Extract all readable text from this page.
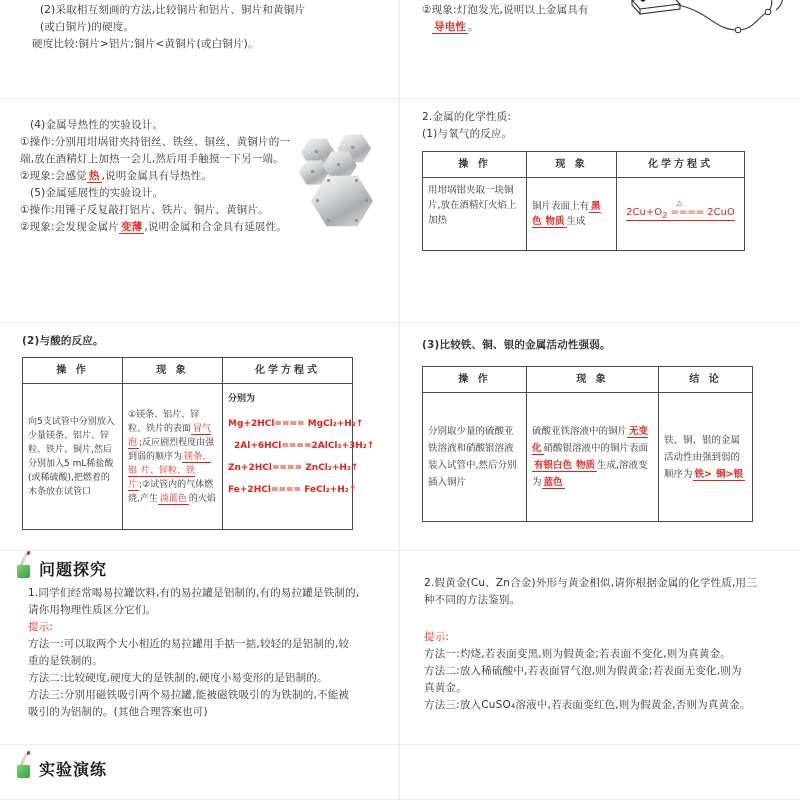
(2)采取相互刻画的方法,比较铜片和铝片、铜片和黄铜片
(或白铜片)的硬度。
硬度比较:铜片>铝片;铜片<黄铜片(或白铜片)。
②现象:灯泡发光,说明以上金属具有
导电性 。
(4)金属导热性的实验设计。
①操作:分别用坩埚钳夹持铝丝、铁丝、铜丝、黄铜片的一
端,放在酒精灯上加热一会儿,然后用手触摸一下另一端。
②现象:会感觉 热 ,说明金属具有导热性。
(5)金属延展性的实验设计。
①操作:用锤子反复敲打铝片、铁片、铜片、黄铜片。
②现象:会发现金属片 变薄 ,说明金属和合金具有延展性。
2.金属的化学性质:
(1)与氧气的反应。
操 作	现 象	化学方程式
用坩埚钳夹取一块铜片,放在酒精灯火焰上加热	铜片表面上有 黑色 物质 生成	$2Cu+O_2$
△
==== 2CuO
(2)与酸的反应。
操 作	现 象	化学方程式
向5支试管中分别放入少量镁条、铝片、锌粒、铁片、铜片,然后分别加入5 mL稀盐酸(或稀硫酸),把燃着的木条放在试管口	①镁条、铝片、锌粒、铁片的表面 冒气泡 ;反应剧烈程度由强到弱的顺序为 镁条、铝 片、锌粒、铁片 ;②试管内的气体燃烧,产生 淡蓝色 的火焰	分别为
Mg+2HCl==== MgCl₂+H₂↑
2Al+6HCl====2AlCl₃+3H₂↑
Zn+2HCl==== ZnCl₂+H₂↑
Fe+2HCl==== FeCl₂+H₂↑
(3)比较铁、铜、银的金属活动性强弱。
操 作	现 象	结 论
分别取少量的硫酸亚铁溶液和硝酸银溶液装入试管中,然后分别插入铜片	硫酸亚铁溶液中的铜片 无变化 硝酸银溶液中的铜片表面有银白色 物质 生成,溶液变为 蓝色	铁、铜、银的金属活动性由强到弱的顺序为 铁> 铜>银
问题探究
1.同学们经常喝易拉罐饮料,有的易拉罐是铝制的,有的易拉罐是铁制的,
请你用物理性质区分它们。
提示:
方法一:可以取两个大小相近的易拉罐用手掂一掂,较轻的是铝制的,较
重的是铁制的。
方法二:比较硬度,硬度大的是铁制的,硬度小易变形的是铝制的。
方法三:分别用磁铁吸引两个易拉罐,能被磁铁吸引的为铁制的,不能被
吸引的为铝制的。(其他合理答案也可)
2.假黄金(Cu、Zn合金)外形与黄金相似,请你根据金属的化学性质,用三
种不同的方法鉴别。
提示:
方法一:灼烧,若表面变黑,则为假黄金;若表面不变化,则为真黄金。
方法二:放入稀硫酸中,若表面冒气泡,则为假黄金;若表面无变化,则为
真黄金。
方法三:放入CuSO₄溶液中,若表面变红色,则为假黄金,否则为真黄金。
实验演练
